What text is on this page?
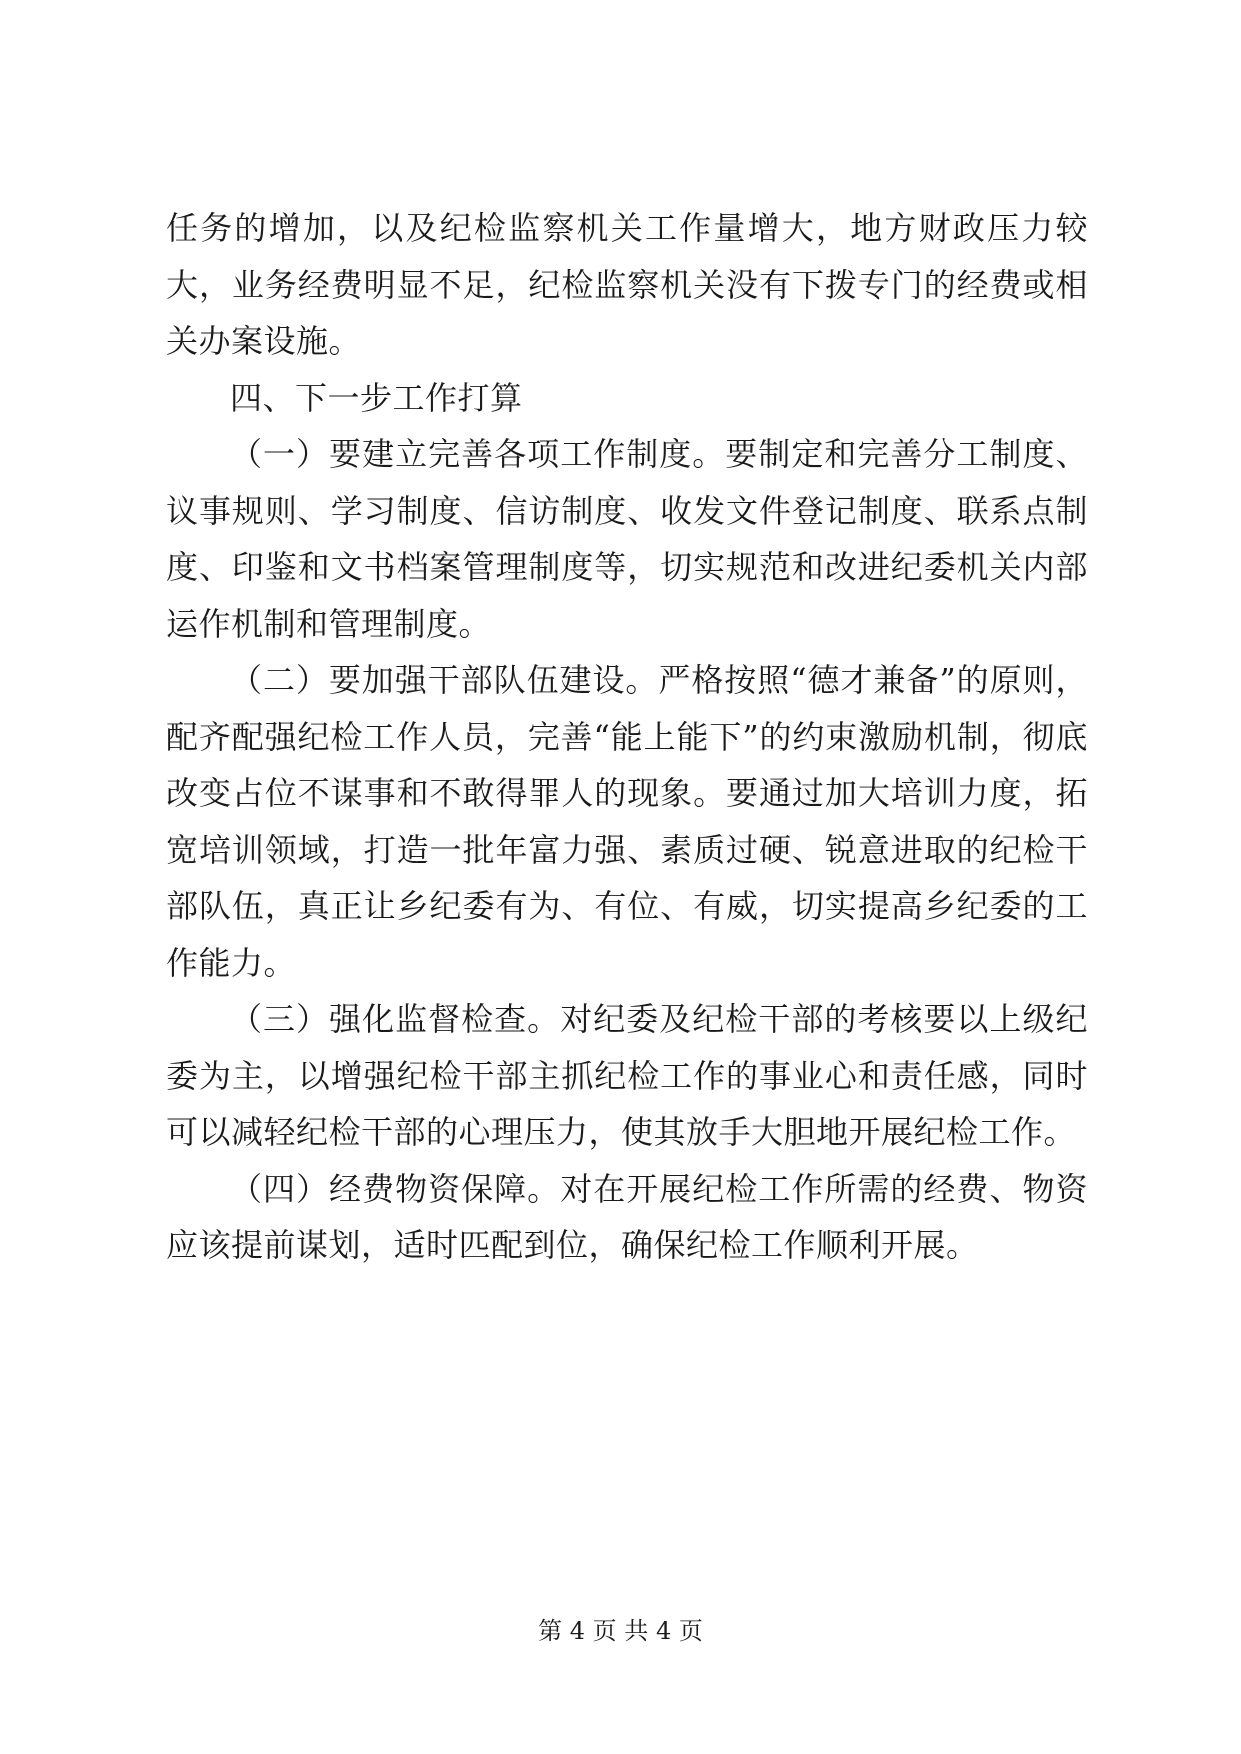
任务的增加，以及纪检监察机关工作量增大，地方财政压力较大，业务经费明显不足，纪检监察机关没有下拨专门的经费或相关办案设施。

四、下一步工作打算

（一）要建立完善各项工作制度。要制定和完善分工制度、议事规则、学习制度、信访制度、收发文件登记制度、联系点制度、印鉴和文书档案管理制度等，切实规范和改进纪委机关内部运作机制和管理制度。

（二）要加强干部队伍建设。严格按照“德才兼备”的原则，配齐配强纪检工作人员，完善“能上能下”的约束激励机制，彻底改变占位不谋事和不敢得罪人的现象。要通过加大培训力度，拓宽培训领域，打造一批年富力强、素质过硬、锐意进取的纪检干部队伍，真正让乡纪委有为、有位、有威，切实提高乡纪委的工作能力。

（三）强化监督检查。对纪委及纪检干部的考核要以上级纪委为主，以增强纪检干部主抓纪检工作的事业心和责任感，同时可以减轻纪检干部的心理压力，使其放手大胆地开展纪检工作。

（四）经费物资保障。对在开展纪检工作所需的经费、物资应该提前谋划，适时匹配到位，确保纪检工作顺利开展。

第 4 页 共 4 页
